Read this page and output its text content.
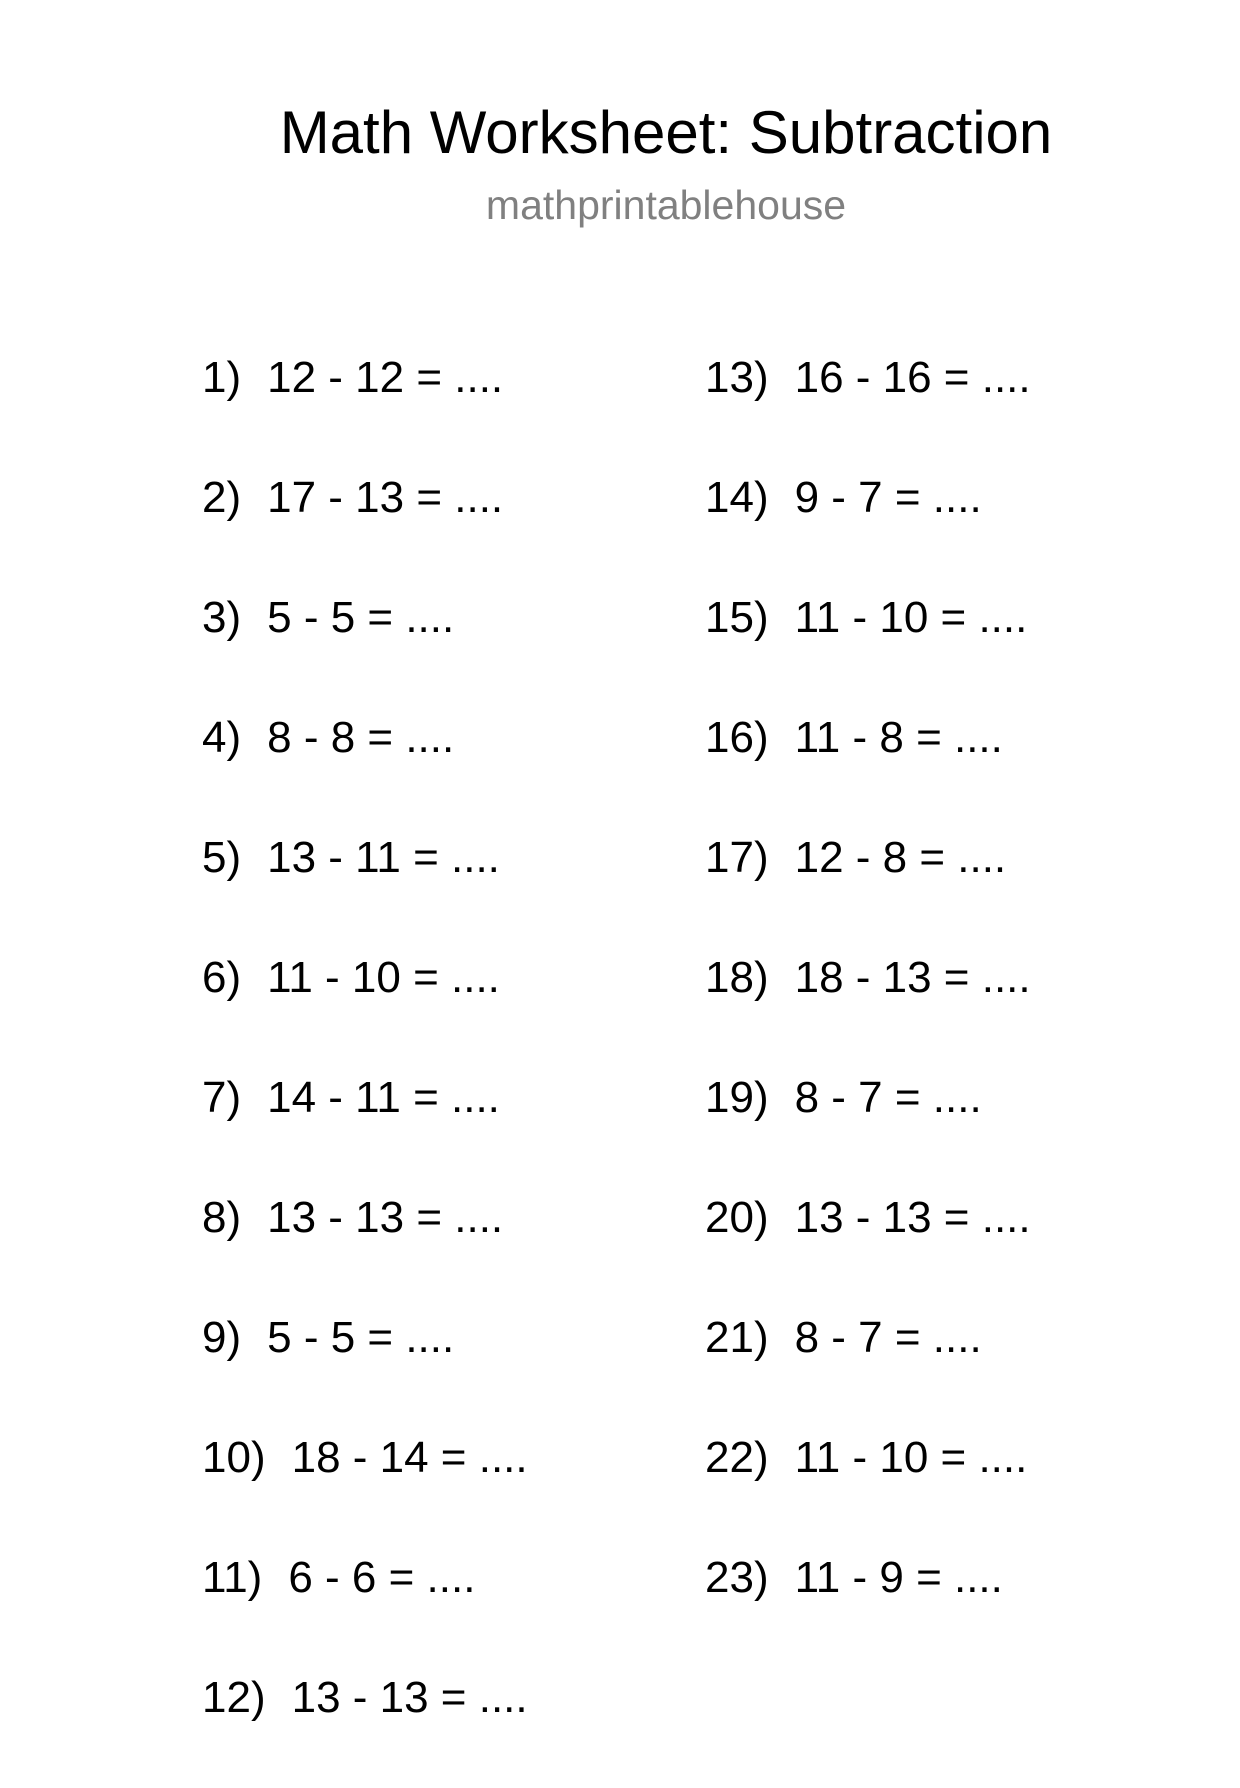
Math Worksheet: Subtraction
mathprintablehouse
1) 12 - 12 = ....
2) 17 - 13 = ....
3) 5 - 5 = ....
4) 8 - 8 = ....
5) 13 - 11 = ....
6) 11 - 10 = ....
7) 14 - 11 = ....
8) 13 - 13 = ....
9) 5 - 5 = ....
10) 18 - 14 = ....
11) 6 - 6 = ....
12) 13 - 13 = ....
13) 16 - 16 = ....
14) 9 - 7 = ....
15) 11 - 10 = ....
16) 11 - 8 = ....
17) 12 - 8 = ....
18) 18 - 13 = ....
19) 8 - 7 = ....
20) 13 - 13 = ....
21) 8 - 7 = ....
22) 11 - 10 = ....
23) 11 - 9 = ....
